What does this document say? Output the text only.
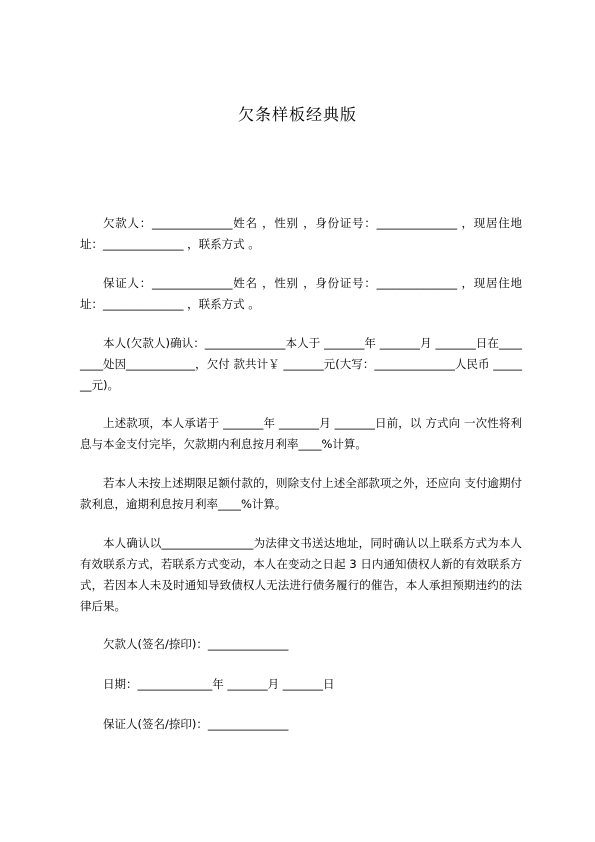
欠条样板经典版
欠款人：______________姓名 ，性别 ，身份证号：______________ ，现居住地址：______________ ，联系方式 。
保证人：______________姓名 ，性别 ，身份证号：______________ ，现居住地址：______________ ，联系方式 。
本人(欠款人)确认：______________本人于 _______年 _______月 _______日在________处因____________，欠付 款共计￥ _______元(大写：______________人民币 _______元)。
上述款项，本人承诺于 _______年 _______月 _______日前，以 方式向 一次性将利息与本金支付完毕，欠款期内利息按月利率____%计算。
若本人未按上述期限足额付款的，则除支付上述全部款项之外，还应向 支付逾期付款利息，逾期利息按月利率____%计算。
本人确认以________________为法律文书送达地址，同时确认以上联系方式为本人有效联系方式，若联系方式变动，本人在变动之日起 3 日内通知债权人新的有效联系方式，若因本人未及时通知导致债权人无法进行债务履行的催告，本人承担预期违约的法律后果。
欠款人(签名/捺印)：______________
日期：_____________年 _______月 _______日
保证人(签名/捺印)：______________
